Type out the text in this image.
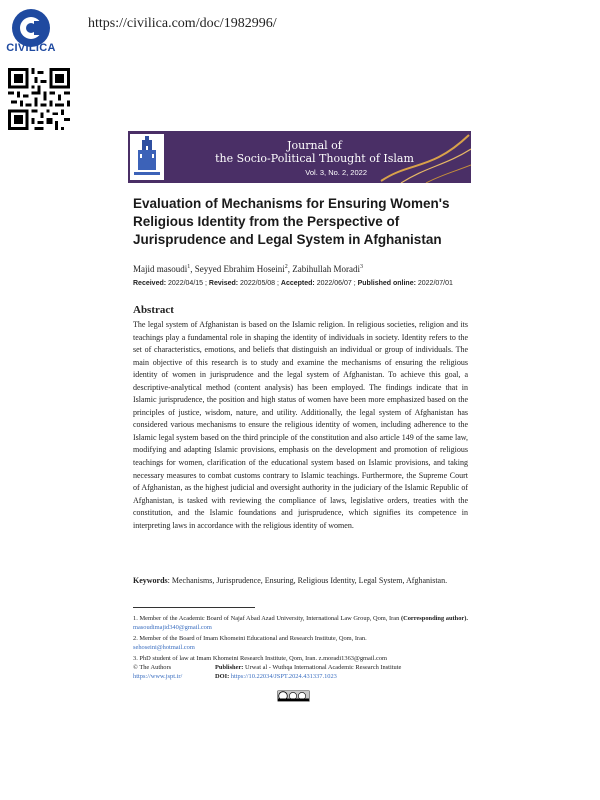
CIVILICA
https://civilica.com/doc/1982996/
Journal of
the Socio-Political Thought of Islam
Vol. 3, No. 2, 2022
Evaluation of Mechanisms for Ensuring Women's Religious Identity from the Perspective of Jurisprudence and Legal System in Afghanistan
Majid masoudi$^1$, Seyyed Ebrahim Hoseini$^2$, Zabihullah Moradi$^3$
Received: 2022/04/15 ; Revised: 2022/05/08 ; Accepted: 2022/06/07 ; Published online: 2022/07/01
Abstract
The legal system of Afghanistan is based on the Islamic religion. In religious societies, religion and its teachings play a fundamental role in shaping the identity of individuals in society. Identity refers to the set of characteristics, emotions, and beliefs that distinguish an individual or group of individuals. The main objective of this research is to study and examine the mechanisms of ensuring the religious identity of women in jurisprudence and the legal system of Afghanistan. To achieve this goal, a descriptive-analytical method (content analysis) has been employed. The findings indicate that in Islamic jurisprudence, the position and high status of women have been more emphasized based on the principles of justice, wisdom, nature, and utility. Additionally, the legal system of Afghanistan has considered various mechanisms to ensure the religious identity of women, including adherence to the Islamic legal system based on the third principle of the constitution and also article 149 of the same law, modifying and adapting Islamic provisions, emphasis on the development and promotion of religious teachings for women, clarification of the educational system based on Islamic provisions, and taking necessary measures to combat customs contrary to Islamic teachings. Furthermore, the Supreme Court of Afghanistan, as the highest judicial and oversight authority in the judiciary of the Islamic Republic of Afghanistan, is tasked with reviewing the compliance of laws, legislative orders, treaties with the constitution, and the Islamic foundations and jurisprudence, which signifies its competence in interpreting laws in accordance with the religious identity of women.
Keywords: Mechanisms, Jurisprudence, Ensuring, Religious Identity, Legal System, Afghanistan.
1. Member of the Academic Board of Najaf Abad Azad University, International Law Group, Qom, Iran (Corresponding author). masoudimajid340@gmail.com
2. Member of the Board of Imam Khomeini Educational and Research Institute, Qom, Iran.
sehoseini@hotmail.com
3. PhD student of law at Imam Khomeini Research Institute, Qom, Iran. z.moradi1363@gmail.com
© The Authors	Publisher: Urwat al - Wuthqa International Academic Research Institute
https://www.jspt.ir/	DOI: https://10.22034/JSPT.2024.431337.1023
